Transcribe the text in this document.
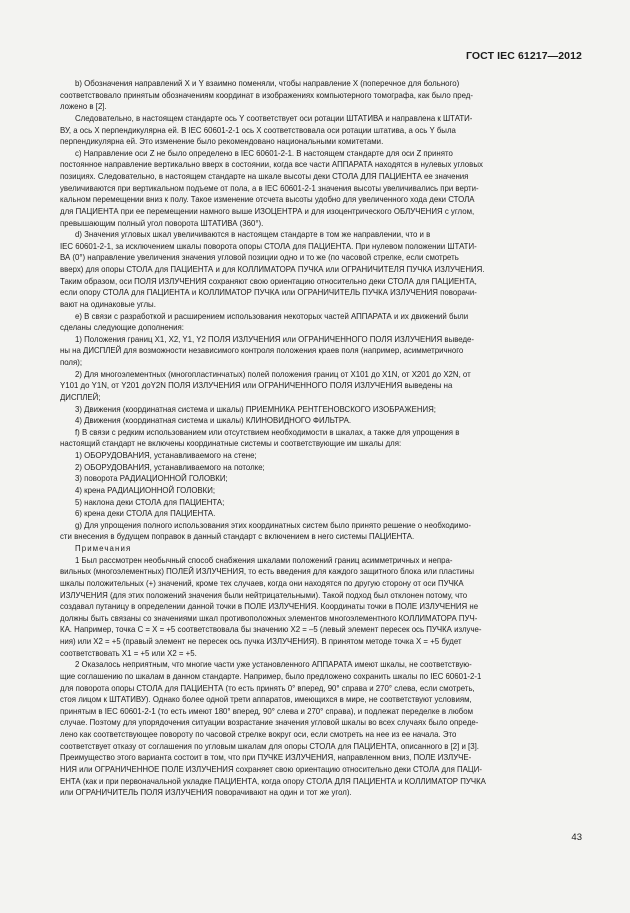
ГОСТ IEC 61217—2012

b) Обозначения направлений X и Y взаимно поменяли, чтобы направление X (поперечное для больного)

соответствовало принятым обозначениям координат в изображениях компьютерного томографа, как было пред-

ложено в [2].

Следовательно, в настоящем стандарте ось Y соответствует оси ротации ШТАТИВА и направлена к ШТАТИ-

ВУ, а ось X перпендикулярна ей. В IEC 60601-2-1 ось X соответствовала оси ротации штатива, а ось Y была

перпендикулярна ей. Это изменение было рекомендовано национальными комитетами.

c) Направление оси Z не было определено в IEC 60601-2-1. В настоящем стандарте для оси Z принято

постоянное направление вертикально вверх в состоянии, когда все части АППАРАТА находятся в нулевых угловых

позициях. Следовательно, в настоящем стандарте на шкале высоты деки СТОЛА ДЛЯ ПАЦИЕНТА ее значения

увеличиваются при вертикальном подъеме от пола, а в IEC 60601-2-1 значения высоты увеличивались при верти-

кальном перемещении вниз к полу. Такое изменение отсчета высоты удобно для увеличенного хода деки СТОЛА

для ПАЦИЕНТА при ее перемещении намного выше ИЗОЦЕНТРА и для изоцентрического ОБЛУЧЕНИЯ с углом,

превышающим полный угол поворота ШТАТИВА (360°).

d) Значения угловых шкал увеличиваются в настоящем стандарте в том же направлении, что и в

IEC 60601-2-1, за исключением шкалы поворота опоры СТОЛА для ПАЦИЕНТА. При нулевом положении ШТАТИ-

ВА (0°) направление увеличения значения угловой позиции одно и то же (по часовой стрелке, если смотреть

вверх) для опоры СТОЛА для ПАЦИЕНТА и для КОЛЛИМАТОРА ПУЧКА или ОГРАНИЧИТЕЛЯ ПУЧКА ИЗЛУЧЕНИЯ.

Таким образом, оси ПОЛЯ ИЗЛУЧЕНИЯ сохраняют свою ориентацию относительно деки СТОЛА для ПАЦИЕНТА,

если опору СТОЛА для ПАЦИЕНТА и КОЛЛИМАТОР ПУЧКА или ОГРАНИЧИТЕЛЬ ПУЧКА ИЗЛУЧЕНИЯ поворачи-

вают на одинаковые углы.

e) В связи с разработкой и расширением использования некоторых частей АППАРАТА и их движений были

сделаны следующие дополнения:

1) Положения границ X1, X2, Y1, Y2 ПОЛЯ ИЗЛУЧЕНИЯ или ОГРАНИЧЕННОГО ПОЛЯ ИЗЛУЧЕНИЯ выведе-

ны на ДИСПЛЕЙ для возможности независимого контроля положения краев поля (например, асимметричного

поля);

2) Для многоэлементных (многопластинчатых) полей положения границ от X101 до X1N, от X201 до X2N, от

Y101 до Y1N, от Y201 доY2N ПОЛЯ ИЗЛУЧЕНИЯ или ОГРАНИЧЕННОГО ПОЛЯ ИЗЛУЧЕНИЯ выведены на

ДИСПЛЕЙ;

3) Движения (координатная система и шкалы) ПРИЕМНИКА РЕНТГЕНОВСКОГО ИЗОБРАЖЕНИЯ;

4) Движения (координатная система и шкалы) КЛИНОВИДНОГО ФИЛЬТРА.

f) В связи с редким использованием или отсутствием необходимости в шкалах, а также для упрощения в

настоящий стандарт не включены координатные системы и соответствующие им шкалы для:

1) ОБОРУДОВАНИЯ, устанавливаемого на стене;

2) ОБОРУДОВАНИЯ, устанавливаемого на потолке;

3) поворота РАДИАЦИОННОЙ ГОЛОВКИ;

4) крена РАДИАЦИОННОЙ ГОЛОВКИ;

5) наклона деки СТОЛА для ПАЦИЕНТА;

6) крена деки СТОЛА для ПАЦИЕНТА.

g) Для упрощения полного использования этих координатных систем было принято решение о необходимо-

сти внесения в будущем поправок в данный стандарт с включением в него системы ПАЦИЕНТА.

Примечания

1 Был рассмотрен необычный способ снабжения шкалами положений границ асимметричных и непра-

вильных (многоэлементных) ПОЛЕЙ ИЗЛУЧЕНИЯ, то есть введения для каждого защитного блока или пластины

шкалы положительных (+) значений, кроме тех случаев, когда они находятся по другую сторону от оси ПУЧКА

ИЗЛУЧЕНИЯ (для этих положений значения были нейтрицательными). Такой подход был отклонен потому, что

создавал путаницу в определении данной точки в ПОЛЕ ИЗЛУЧЕНИЯ. Координаты точки в ПОЛЕ ИЗЛУЧЕНИЯ не

должны быть связаны со значениями шкал противоположных элементов многоэлементного КОЛЛИМАТОРА ПУЧ-

КА. Например, точка С = X = +5 соответствовала бы значению X2 = –5 (левый элемент пересек ось ПУЧКА излуче-

ния) или X2 = +5 (правый элемент не пересек ось пучка ИЗЛУЧЕНИЯ). В принятом методе точка X = +5 будет

соответствовать X1 = +5 или X2 = +5.

2 Оказалось неприятным, что многие части уже установленного АППАРАТА имеют шкалы, не соответствую-

щие соглашению по шкалам в данном стандарте. Например, было предложено сохранить шкалы по IEC 60601-2-1

для поворота опоры СТОЛА для ПАЦИЕНТА (то есть принять 0° вперед, 90° справа и 270° слева, если смотреть,

стоя лицом к ШТАТИВУ). Однако более одной трети аппаратов, имеющихся в мире, не соответствуют условиям,

принятым в IEC 60601-2-1 (то есть имеют 180° вперед, 90° слева и 270° справа), и подлежат переделке в любом

случае. Поэтому для упорядочения ситуации возрастание значения угловой шкалы во всех случаях было опреде-

лено как соответствующее повороту по часовой стрелке вокруг оси, если смотреть на нее из ее начала. Это

соответствует отказу от соглашения по угловым шкалам для опоры СТОЛА для ПАЦИЕНТА, описанного в [2] и [3].

Преимущество этого варианта состоит в том, что при ПУЧКЕ ИЗЛУЧЕНИЯ, направленном вниз, ПОЛЕ ИЗЛУЧЕ-

НИЯ или ОГРАНИЧЕННОЕ ПОЛЕ ИЗЛУЧЕНИЯ сохраняет свою ориентацию относительно деки СТОЛА для ПАЦИ-

ЕНТА (как и при первоначальной укладке ПАЦИЕНТА, когда опору СТОЛА ДЛЯ ПАЦИЕНТА и КОЛЛИМАТОР ПУЧКА

или ОГРАНИЧИТЕЛЬ ПОЛЯ ИЗЛУЧЕНИЯ поворачивают на один и тот же угол).

43
